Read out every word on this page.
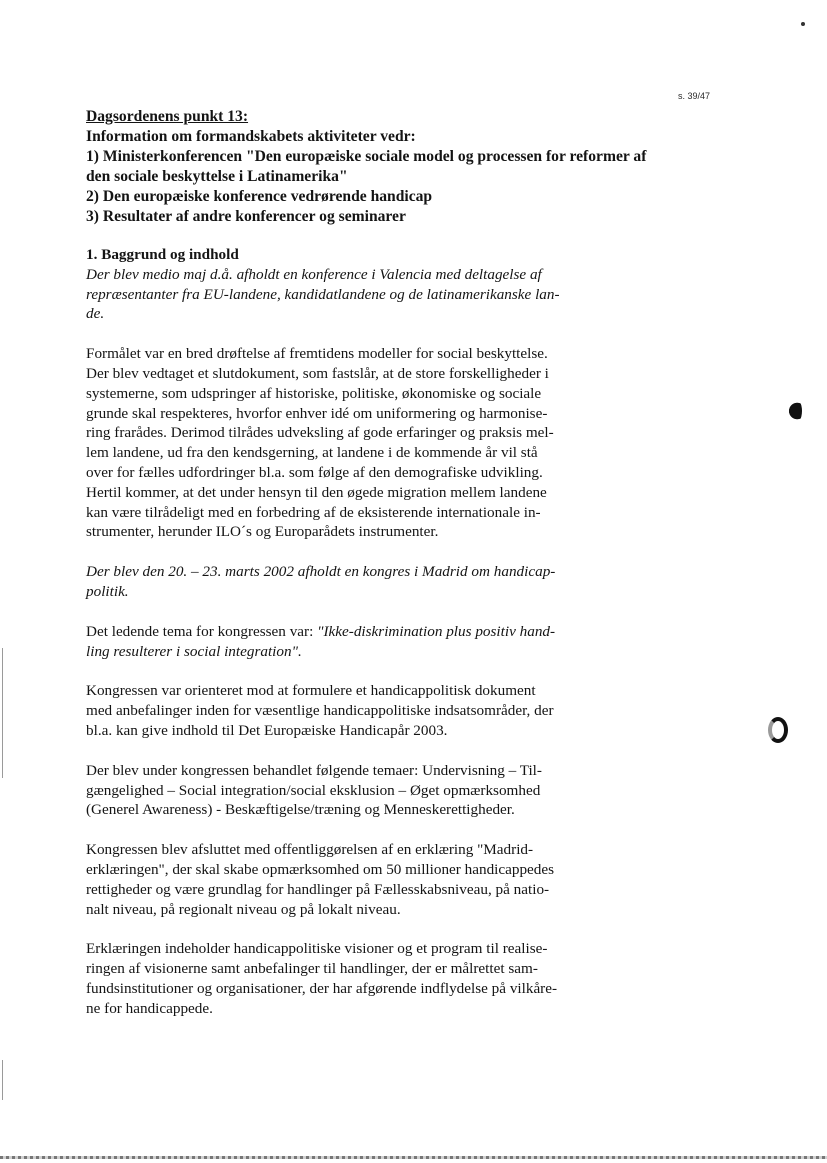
s. 39/47
Dagsordenens punkt 13:
Information om formandskabets aktiviteter vedr:
1) Ministerkonferencen "Den europæiske sociale model og processen for reformer af
den sociale beskyttelse i Latinamerika"
2) Den europæiske konference vedrørende handicap
3) Resultater af andre konferencer og seminarer
1. Baggrund og indhold

Der blev medio maj d.å. afholdt en konference i Valencia med deltagelse af
repræsentanter fra EU-landene, kandidatlandene og de latinamerikanske lan-
de.

Formålet var en bred drøftelse af fremtidens modeller for social beskyttelse.
Der blev vedtaget et slutdokument, som fastslår, at de store forskelligheder i
systemerne, som udspringer af historiske, politiske, økonomiske og sociale
grunde skal respekteres, hvorfor enhver idé om uniformering og harmonise-
ring frarådes. Derimod tilrådes udveksling af gode erfaringer og praksis mel-
lem landene, ud fra den kendsgerning, at landene i de kommende år vil stå
over for fælles udfordringer bl.a. som følge af den demografiske udvikling.
Hertil kommer, at det under hensyn til den øgede migration mellem landene
kan være tilrådeligt med en forbedring af de eksisterende internationale in-
strumenter, herunder ILO´s og Europarådets instrumenter.

Der blev den 20. – 23. marts 2002 afholdt en kongres i Madrid om handicap-
politik.

Det ledende tema for kongressen var: "Ikke-diskrimination plus positiv hand-
ling resulterer i social integration".

Kongressen var orienteret mod at formulere et handicappolitisk dokument
med anbefalinger inden for væsentlige handicappolitiske indsatsområder, der
bl.a. kan give indhold til Det Europæiske Handicapår 2003.

Der blev under kongressen behandlet følgende temaer: Undervisning – Til-
gængelighed – Social integration/social eksklusion – Øget opmærksomhed
(Generel Awareness) - Beskæftigelse/træning og Menneskerettigheder.

Kongressen blev afsluttet med offentliggørelsen af en erklæring "Madrid-
erklæringen", der skal skabe opmærksomhed om 50 millioner handicappedes
rettigheder og være grundlag for handlinger på Fællesskabsniveau, på natio-
nalt niveau, på regionalt niveau og på lokalt niveau.

Erklæringen indeholder handicappolitiske visioner og et program til realise-
ringen af visionerne samt anbefalinger til handlinger, der er målrettet sam-
fundsinstitutioner og organisationer, der har afgørende indflydelse på vilkåre-
ne for handicappede.
